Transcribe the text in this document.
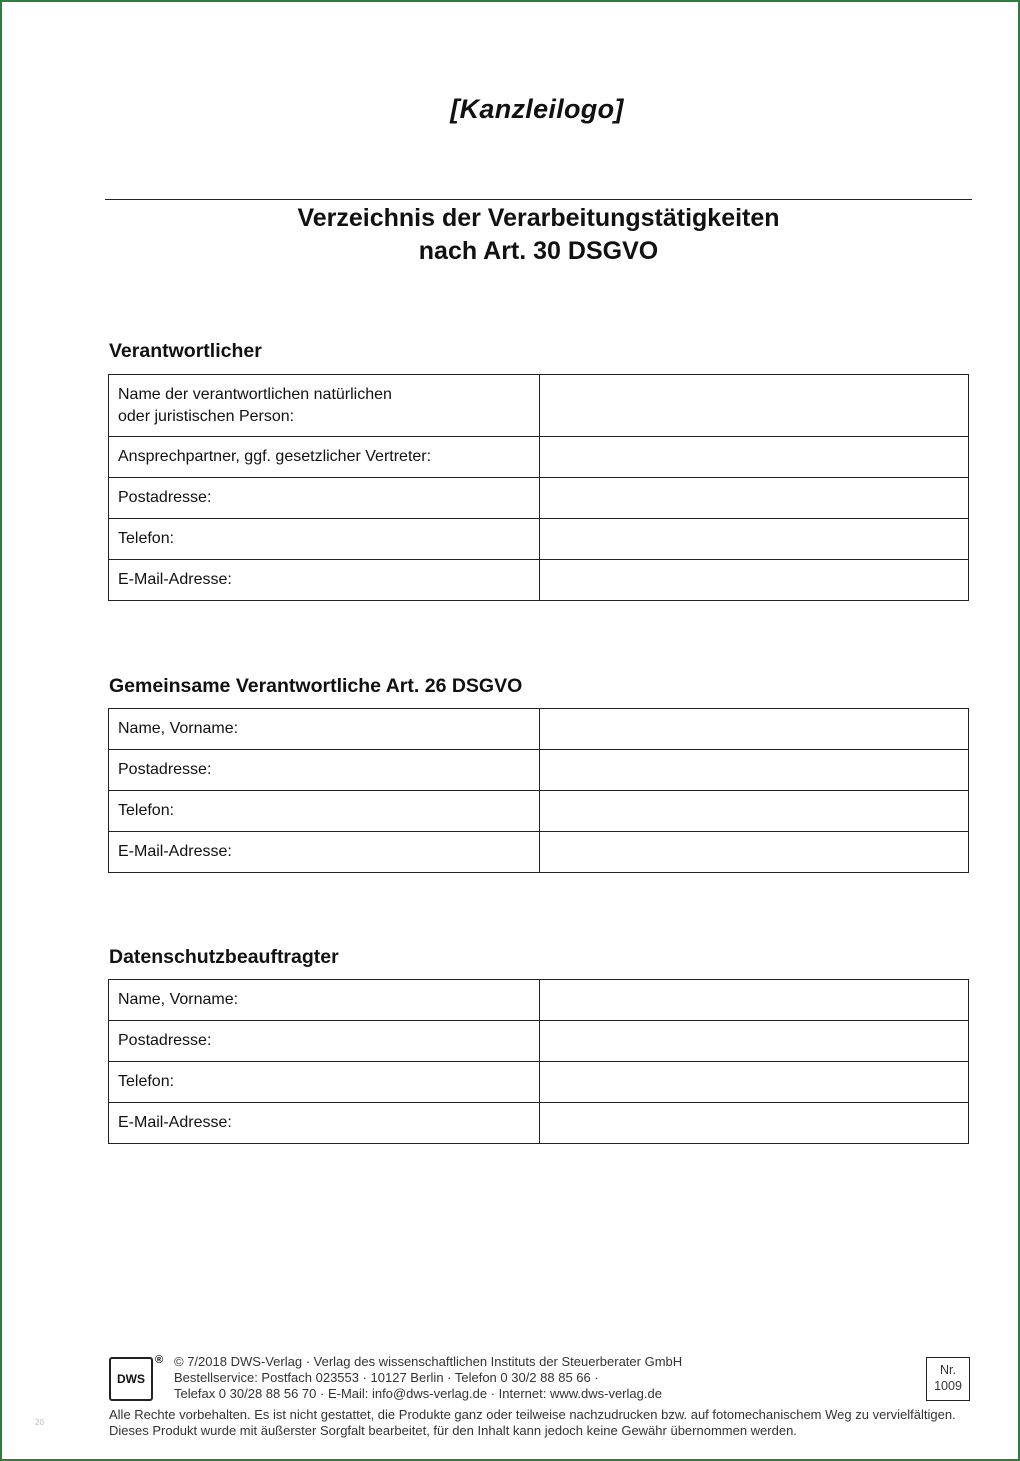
[Kanzleilogo]
Verzeichnis der Verarbeitungstätigkeiten
nach Art. 30 DSGVO
Verantwortlicher
Name der verantwortlichen natürlichen
oder juristischen Person:	

Ansprechpartner, ggf. gesetzlicher Vertreter:	
Postadresse:	
Telefon:	
E-Mail-Adresse:	
Gemeinsame Verantwortliche Art. 26 DSGVO
Name, Vorname:	
Postadresse:	
Telefon:	
E-Mail-Adresse:	
Datenschutzbeauftragter
Name, Vorname:	
Postadresse:	
Telefon:	
E-Mail-Adresse:	
DWS
® © 7/2018 DWS-Verlag · Verlag des wissenschaftlichen Instituts der Steuerberater GmbH
Bestellservice: Postfach 023553 · 10127 Berlin · Telefon 0 30/2 88 85 66 ·
Telefax 0 30/28 88 56 70 · E-Mail: info@dws-verlag.de · Internet: www.dws-verlag.de
Nr.
1009
Alle Rechte vorbehalten. Es ist nicht gestattet, die Produkte ganz oder teilweise nachzudrucken bzw. auf fotomechanischem Weg zu vervielfältigen.
Dieses Produkt wurde mit äußerster Sorgfalt bearbeitet, für den Inhalt kann jedoch keine Gewähr übernommen werden.
20
